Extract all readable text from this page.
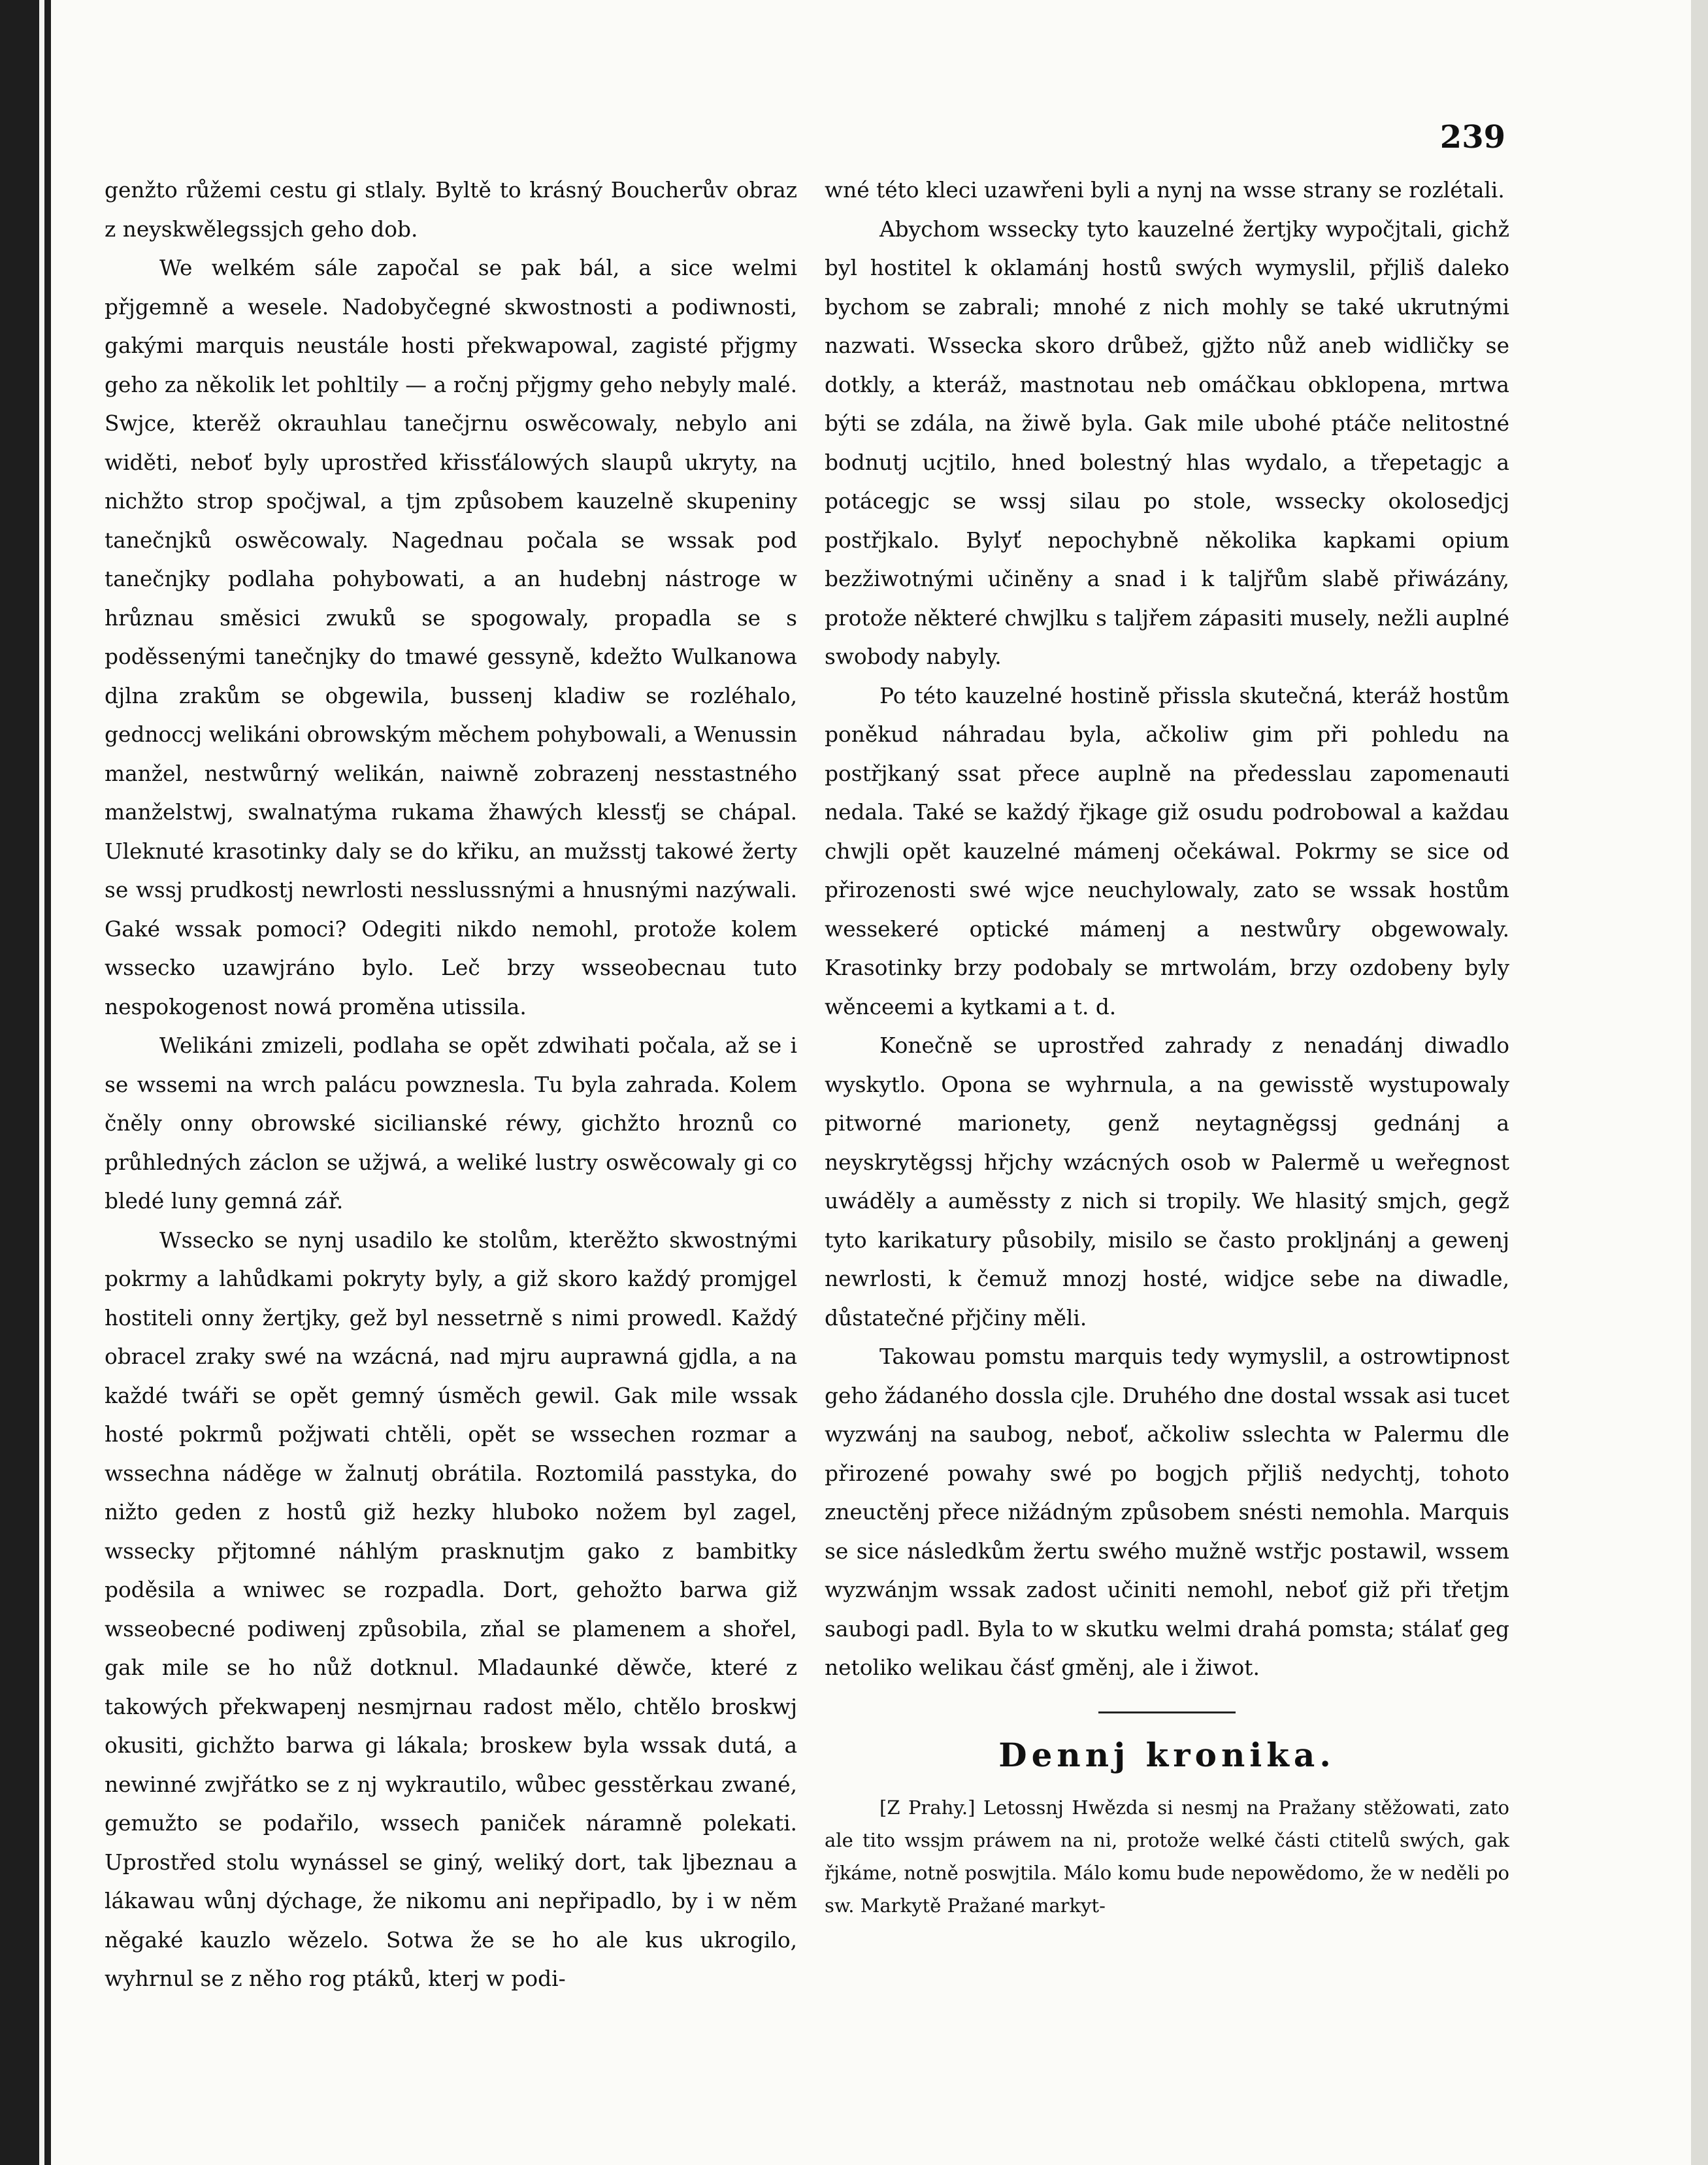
239

genžto růžemi cestu gi stlaly. Byltě to krásný Boucherův obraz z neyskwělegssjch geho dob.

We welkém sále započal se pak bál, a sice welmi přjgemně a wesele. Nadobyčegné skwostnosti a podiwnosti, gakými marquis neustále hosti překwapowal, zagisté přjgmy geho za několik let pohltily — a ročnj přjgmy geho nebyly malé. Swjce, kterěž okrauhlau tanečjrnu oswěcowaly, nebylo ani widěti, neboť byly uprostřed křissťálowých slaupů ukryty, na nichžto strop spočjwal, a tjm způsobem kauzelně skupeniny tanečnjků oswěcowaly. Nagednau počala se wssak pod tanečnjky podlaha pohybowati, a an hudebnj nástroge w hrůznau směsici zwuků se spogowaly, propadla se s poděssenými tanečnjky do tmawé gessyně, kdežto Wulkanowa djlna zrakům se obgewila, bussenj kladiw se rozléhalo, gednoccj welikáni obrowským měchem pohybowali, a Wenussin manžel, nestwůrný welikán, naiwně zobrazenj nesstastného manželstwj, swalnatýma rukama žhawých klessťj se chápal. Uleknuté krasotinky daly se do křiku, an mužsstj takowé žerty se wssj prudkostj newrlosti nesslussnými a hnusnými nazýwali. Gaké wssak pomoci? Odegiti nikdo nemohl, protože kolem wssecko uzawjráno bylo. Leč brzy wsseobecnau tuto nespokogenost nowá proměna utissila.

Welikáni zmizeli, podlaha se opět zdwihati počala, až se i se wssemi na wrch palácu powznesla. Tu byla zahrada. Kolem čněly onny obrowské sicilianské réwy, gichžto hroznů co průhledných záclon se užjwá, a weliké lustry oswěcowaly gi co bledé luny gemná zář.

Wssecko se nynj usadilo ke stolům, kterěžto skwostnými pokrmy a lahůdkami pokryty byly, a giž skoro každý promjgel hostiteli onny žertjky, gež byl nessetrně s nimi prowedl. Každý obracel zraky swé na wzácná, nad mjru auprawná gjdla, a na každé twáři se opět gemný úsměch gewil. Gak mile wssak hosté pokrmů požjwati chtěli, opět se wssechen rozmar a wssechna náděge w žalnutj obrátila. Roztomilá passtyka, do nižto geden z hostů giž hezky hluboko nožem byl zagel, wssecky přjtomné náhlým prasknutjm gako z bambitky poděsila a wniwec se rozpadla. Dort, gehožto barwa giž wsseobecné podiwenj způsobila, zňal se plamenem a shořel, gak mile se ho nůž dotknul. Mladaunké děwče, které z takowých překwapenj nesmjrnau radost mělo, chtělo broskwj okusiti, gichžto barwa gi lákala; broskew byla wssak dutá, a newinné zwjřátko se z nj wykrautilo, wůbec gesstěrkau zwané, gemužto se podařilo, wssech paniček náramně polekati. Uprostřed stolu wynássel se giný, weliký dort, tak ljbeznau a lákawau wůnj dýchage, že nikomu ani nepřipadlo, by i w něm něgaké kauzlo wězelo. Sotwa že se ho ale kus ukrogilo, wyhrnul se z něho rog ptáků, kterj w podi-

wné této kleci uzawřeni byli a nynj na wsse strany se rozlétali.

Abychom wssecky tyto kauzelné žertjky wypočjtali, gichž byl hostitel k oklamánj hostů swých wymyslil, přjliš daleko bychom se zabrali; mnohé z nich mohly se také ukrutnými nazwati. Wssecka skoro drůbež, gjžto nůž aneb widličky se dotkly, a kteráž, mastnotau neb omáčkau obklopena, mrtwa býti se zdála, na žiwě byla. Gak mile ubohé ptáče nelitostné bodnutj ucjtilo, hned bolestný hlas wydalo, a třepetagjc a potácegjc se wssj silau po stole, wssecky okolosedjcj postřjkalo. Bylyť nepochybně několika kapkami opium bezžiwotnými učiněny a snad i k talјřům slabě přiwázány, protože některé chwjlku s talјřem zápasiti musely, nežli auplné swobody nabyly.

Po této kauzelné hostině přissla skutečná, kteráž hostům poněkud náhradau byla, ačkoliw gim při pohledu na postřjkaný ssat přece auplně na předesslau zapomenauti nedala. Také se každý řjkage giž osudu podrobowal a každau chwjli opět kauzelné mámenj očekáwal. Pokrmy se sice od přirozenosti swé wjce neuchylowaly, zato se wssak hostům wessekeré optické mámenj a nestwůry obgewowaly. Krasotinky brzy podobaly se mrtwolám, brzy ozdobeny byly wěnceemi a kytkami a t. d.

Konečně se uprostřed zahrady z nenadánj diwadlo wyskytlo. Opona se wyhrnula, a na gewisstě wystupowaly pitworné marionety, genž neytagněgssj gednánj a neyskrytěgssj hřjchy wzácných osob w Palermě u weřegnost uwáděly a auměssty z nich si tropily. We hlasitý smjch, gegž tyto karikatury působily, misilo se často proklјnánj a gewenj newrlosti, k čemuž mnozj hosté, widjce sebe na diwadle, důstatečné přjčiny měli.

Takowau pomstu marquis tedy wymyslil, a ostrowtipnost geho žádaného dossla cjle. Druhého dne dostal wssak asi tucet wyzwánj na saubog, neboť, ačkoliw sslechta w Palermu dle přirozené powahy swé po bogjch přjliš nedychtj, tohoto zneuctěnj přece nižádným způsobem snésti nemohla. Marquis se sice následkům žertu swého mužně wstřjc postawil, wssem wyzwánjm wssak zadost učiniti nemohl, neboť giž při třetjm saubogi padl. Byla to w skutku welmi drahá pomsta; stálať geg netoliko welikau čásť gměnj, ale i žiwot.

Dennj kronika.

[Z Prahy.] Letossnj Hwězda si nesmj na Pražany stěžowati, zato ale tito wssjm práwem na ni, protože welké části ctitelů swých, gak řjkáme, notně poswjtila. Málo komu bude nepowědomo, že w neděli po sw. Markytě Pražané markyt-
